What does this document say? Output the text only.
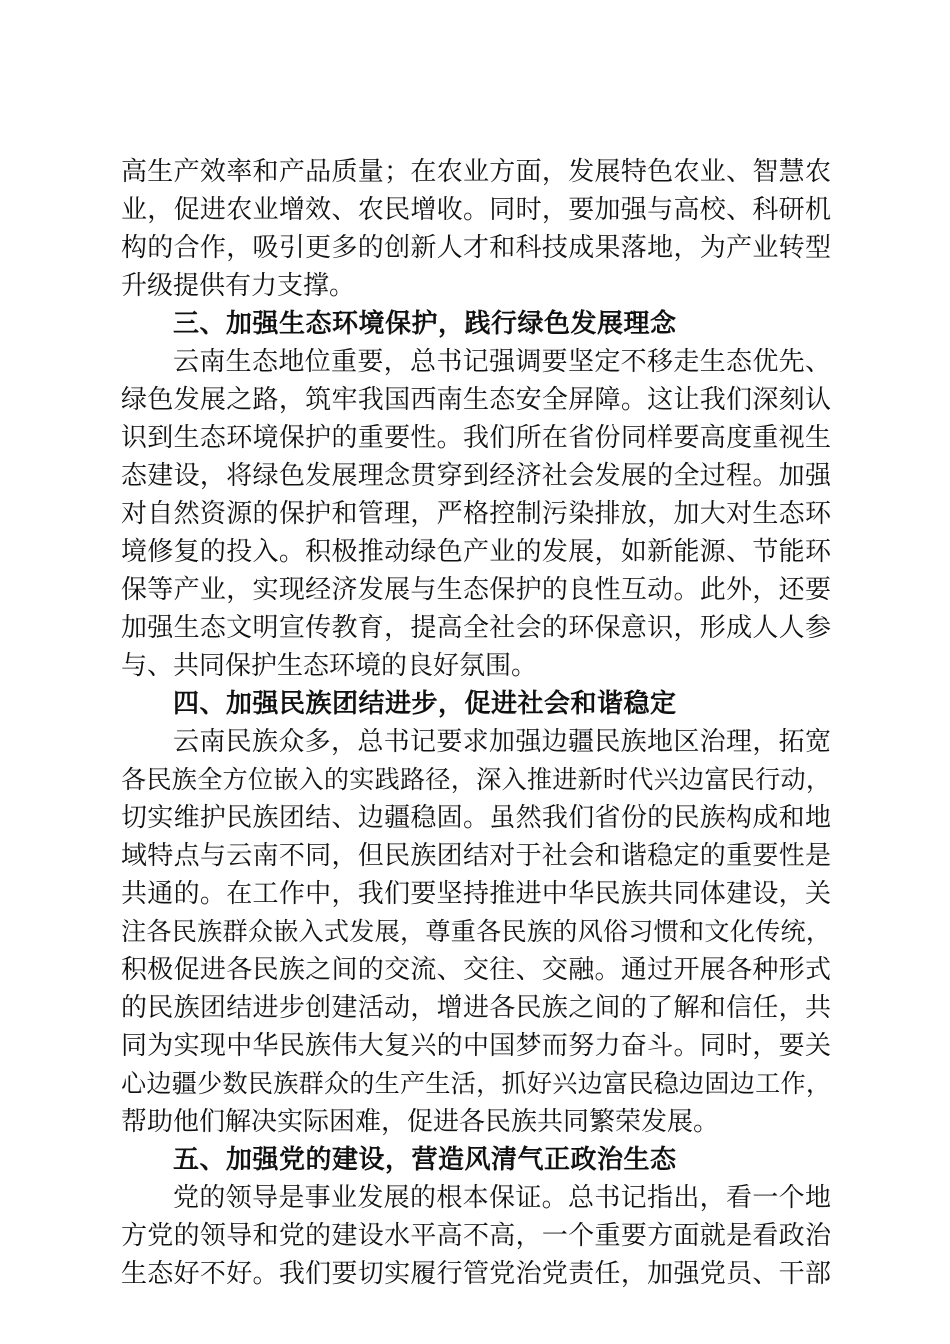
高生产效率和产品质量；在农业方面，发展特色农业、智慧农
业，促进农业增效、农民增收。同时，要加强与高校、科研机
构的合作，吸引更多的创新人才和科技成果落地，为产业转型
升级提供有力支撑。
三、加强生态环境保护，践行绿色发展理念
云南生态地位重要，总书记强调要坚定不移走生态优先、
绿色发展之路，筑牢我国西南生态安全屏障。这让我们深刻认
识到生态环境保护的重要性。我们所在省份同样要高度重视生
态建设，将绿色发展理念贯穿到经济社会发展的全过程。加强
对自然资源的保护和管理，严格控制污染排放，加大对生态环
境修复的投入。积极推动绿色产业的发展，如新能源、节能环
保等产业，实现经济发展与生态保护的良性互动。此外，还要
加强生态文明宣传教育，提高全社会的环保意识，形成人人参
与、共同保护生态环境的良好氛围。
四、加强民族团结进步，促进社会和谐稳定
云南民族众多，总书记要求加强边疆民族地区治理，拓宽
各民族全方位嵌入的实践路径，深入推进新时代兴边富民行动，
切实维护民族团结、边疆稳固。虽然我们省份的民族构成和地
域特点与云南不同，但民族团结对于社会和谐稳定的重要性是
共通的。在工作中，我们要坚持推进中华民族共同体建设，关
注各民族群众嵌入式发展，尊重各民族的风俗习惯和文化传统，
积极促进各民族之间的交流、交往、交融。通过开展各种形式
的民族团结进步创建活动，增进各民族之间的了解和信任，共
同为实现中华民族伟大复兴的中国梦而努力奋斗。同时，要关
心边疆少数民族群众的生产生活，抓好兴边富民稳边固边工作，
帮助他们解决实际困难，促进各民族共同繁荣发展。
五、加强党的建设，营造风清气正政治生态
党的领导是事业发展的根本保证。总书记指出，看一个地
方党的领导和党的建设水平高不高，一个重要方面就是看政治
生态好不好。我们要切实履行管党治党责任，加强党员、干部
